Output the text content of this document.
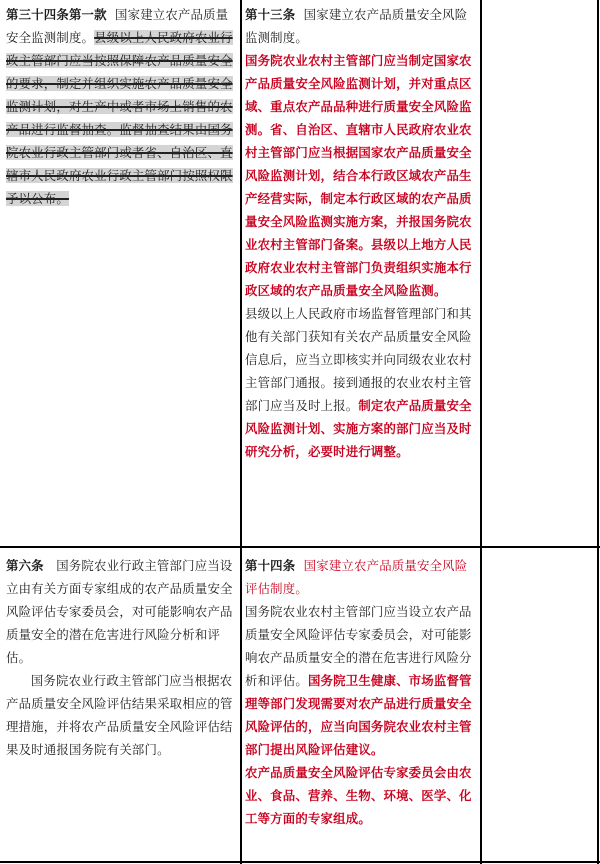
第三十四条第一款 国家建立农产品质量安全监测制度。县级以上人民政府农业行政主管部门应当按照保障农产品质量安全的要求，制定并组织实施农产品质量安全监测计划，对生产中或者市场上销售的农产品进行监督抽查。监督抽查结果由国务院农业行政主管部门或者省、自治区、直辖市人民政府农业行政主管部门按照权限予以公布。
第十三条 国家建立农产品质量安全风险监测制度。
国务院农业农村主管部门应当制定国家农产品质量安全风险监测计划，并对重点区域、重点农产品品种进行质量安全风险监测。省、自治区、直辖市人民政府农业农村主管部门应当根据国家农产品质量安全风险监测计划，结合本行政区域农产品生产经营实际，制定本行政区域的农产品质量安全风险监测实施方案，并报国务院农业农村主管部门备案。县级以上地方人民政府农业农村主管部门负责组织实施本行政区域的农产品质量安全风险监测。
县级以上人民政府市场监督管理部门和其他有关部门获知有关农产品质量安全风险信息后，应当立即核实并向同级农业农村主管部门通报。接到通报的农业农村主管部门应当及时上报。制定农产品质量安全风险监测计划、实施方案的部门应当及时研究分析，必要时进行调整。
第六条 国务院农业行政主管部门应当设立由有关方面专家组成的农产品质量安全风险评估专家委员会，对可能影响农产品质量安全的潜在危害进行风险分析和评估。
国务院农业行政主管部门应当根据农产品质量安全风险评估结果采取相应的管理措施，并将农产品质量安全风险评估结果及时通报国务院有关部门。
第十四条 国家建立农产品质量安全风险评估制度。
国务院农业农村主管部门应当设立农产品质量安全风险评估专家委员会，对可能影响农产品质量安全的潜在危害进行风险分析和评估。国务院卫生健康、市场监督管理等部门发现需要对农产品进行质量安全风险评估的，应当向国务院农业农村主管部门提出风险评估建议。
农产品质量安全风险评估专家委员会由农业、食品、营养、生物、环境、医学、化工等方面的专家组成。
